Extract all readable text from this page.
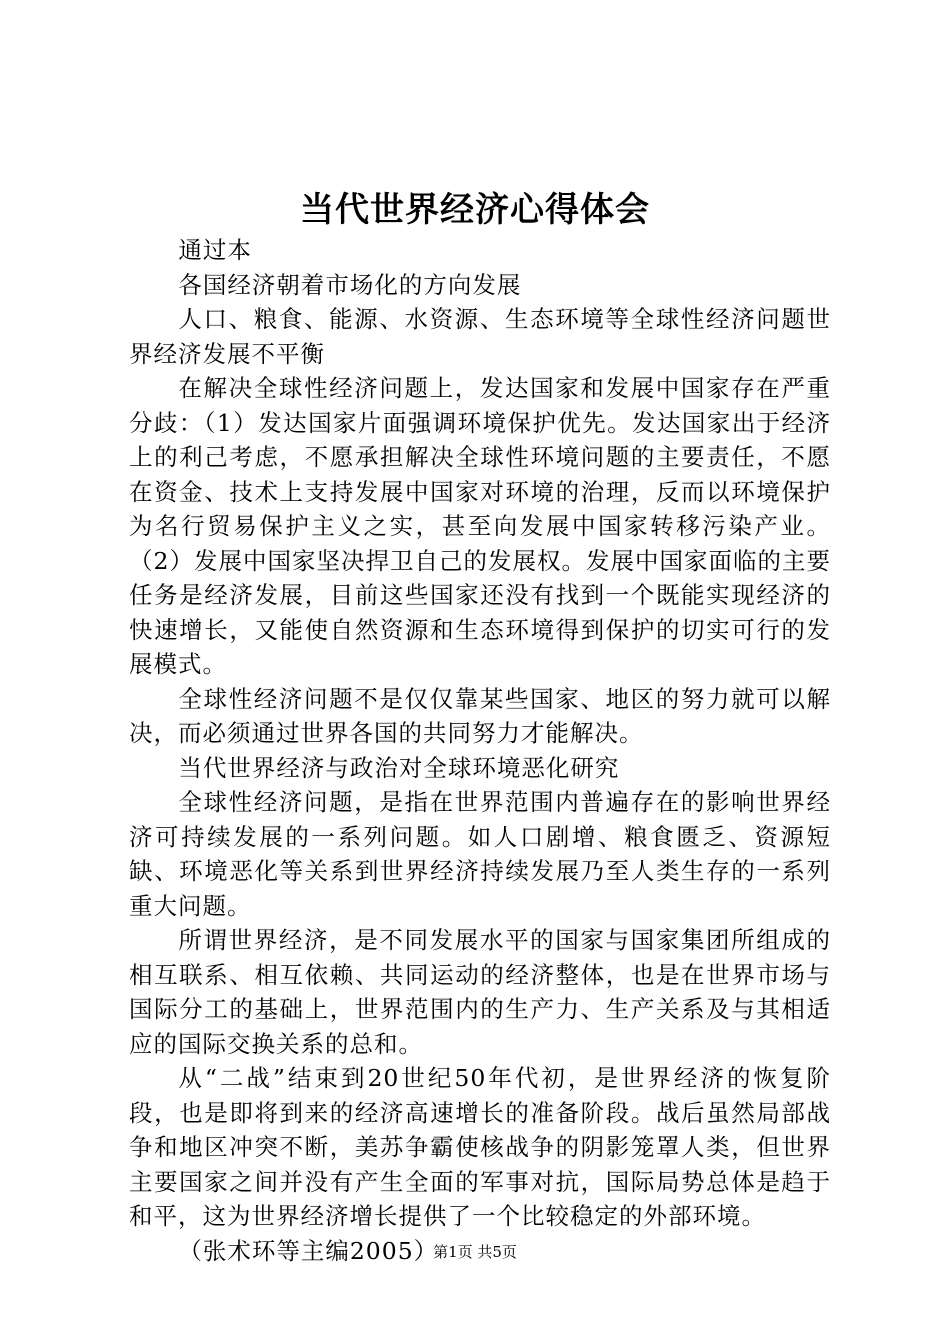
当代世界经济心得体会

通过本

各国经济朝着市场化的方向发展

人口、粮食、能源、水资源、生态环境等全球性经济问题世界经济发展不平衡

在解决全球性经济问题上，发达国家和发展中国家存在严重分歧：（1）发达国家片面强调环境保护优先。发达国家出于经济上的利己考虑，不愿承担解决全球性环境问题的主要责任，不愿在资金、技术上支持发展中国家对环境的治理，反而以环境保护为名行贸易保护主义之实，甚至向发展中国家转移污染产业。（2）发展中国家坚决捍卫自己的发展权。发展中国家面临的主要任务是经济发展，目前这些国家还没有找到一个既能实现经济的快速增长，又能使自然资源和生态环境得到保护的切实可行的发展模式。

全球性经济问题不是仅仅靠某些国家、地区的努力就可以解决，而必须通过世界各国的共同努力才能解决。

当代世界经济与政治对全球环境恶化研究

全球性经济问题，是指在世界范围内普遍存在的影响世界经济可持续发展的一系列问题。如人口剧增、粮食匮乏、资源短缺、环境恶化等关系到世界经济持续发展乃至人类生存的一系列重大问题。

所谓世界经济，是不同发展水平的国家与国家集团所组成的相互联系、相互依赖、共同运动的经济整体，也是在世界市场与国际分工的基础上，世界范围内的生产力、生产关系及与其相适应的国际交换关系的总和。

从“二战”结束到20世纪50年代初，是世界经济的恢复阶段，也是即将到来的经济高速增长的准备阶段。战后虽然局部战争和地区冲突不断，美苏争霸使核战争的阴影笼罩人类，但世界主要国家之间并没有产生全面的军事对抗，国际局势总体是趋于和平，这为世界经济增长提供了一个比较稳定的外部环境。

（张术环等主编2005）

第1页 共5页
